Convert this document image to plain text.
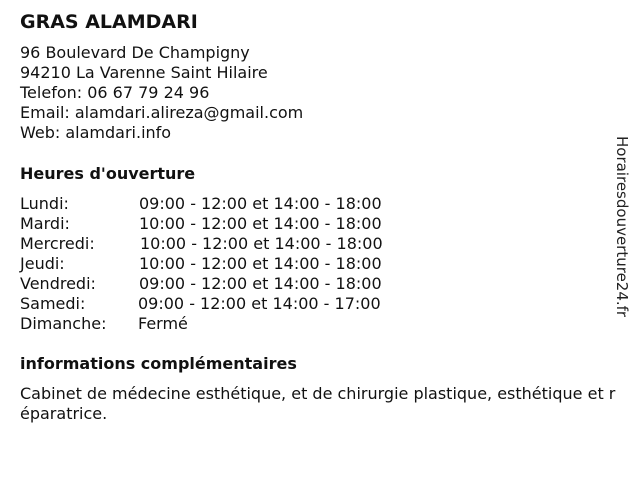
GRAS ALAMDARI
96 Boulevard De Champigny
94210 La Varenne Saint Hilaire
Telefon: 06 67 79 24 96
Email: alamdari.alireza@gmail.com
Web: alamdari.info
Heures d'ouverture
Lundi:	09:00 - 12:00 et 14:00 - 18:00
Mardi:	10:00 - 12:00 et 14:00 - 18:00
Mercredi:	10:00 - 12:00 et 14:00 - 18:00
Jeudi:	10:00 - 12:00 et 14:00 - 18:00
Vendredi:	09:00 - 12:00 et 14:00 - 18:00
Samedi:	09:00 - 12:00 et 14:00 - 17:00
Dimanche: Fermé
informations complémentaires
Cabinet de médecine esthétique, et de chirurgie plastique, esthétique et réparatrice.
Horairesdouverture24.fr
